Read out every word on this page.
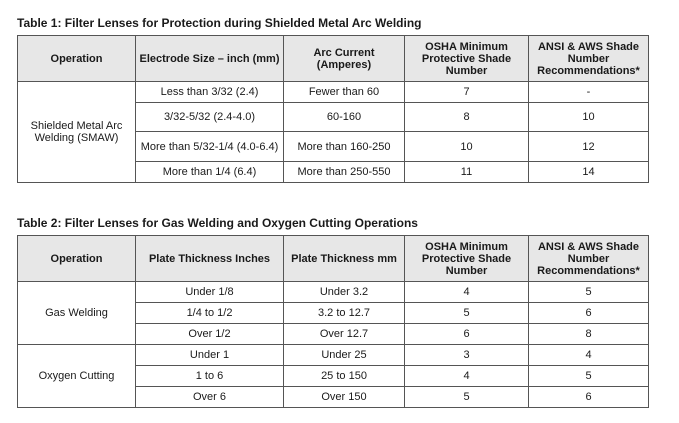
Table 1: Filter Lenses for Protection during Shielded Metal Arc Welding
Operation	Electrode Size – inch (mm)	Arc Current (Amperes)	OSHA Minimum Protective Shade Number	ANSI & AWS Shade Number Recommendations*
Shielded Metal Arc Welding (SMAW)	Less than 3/32 (2.4)	Fewer than 60	7	-
	3/32-5/32 (2.4-4.0)	60-160	8	10
	More than 5/32-1/4 (4.0-6.4)	More than 160-250	10	12
	More than 1/4 (6.4)	More than 250-550	11	14
Table 2: Filter Lenses for Gas Welding and Oxygen Cutting Operations
Operation	Plate Thickness Inches	Plate Thickness mm	OSHA Minimum Protective Shade Number	ANSI & AWS Shade Number Recommendations*
Gas Welding	Under 1/8	Under 3.2	4	5
	1/4 to 1/2	3.2 to 12.7	5	6
	Over 1/2	Over 12.7	6	8
Oxygen Cutting	Under 1	Under 25	3	4
	1 to 6	25 to 150	4	5
	Over 6	Over 150	5	6
